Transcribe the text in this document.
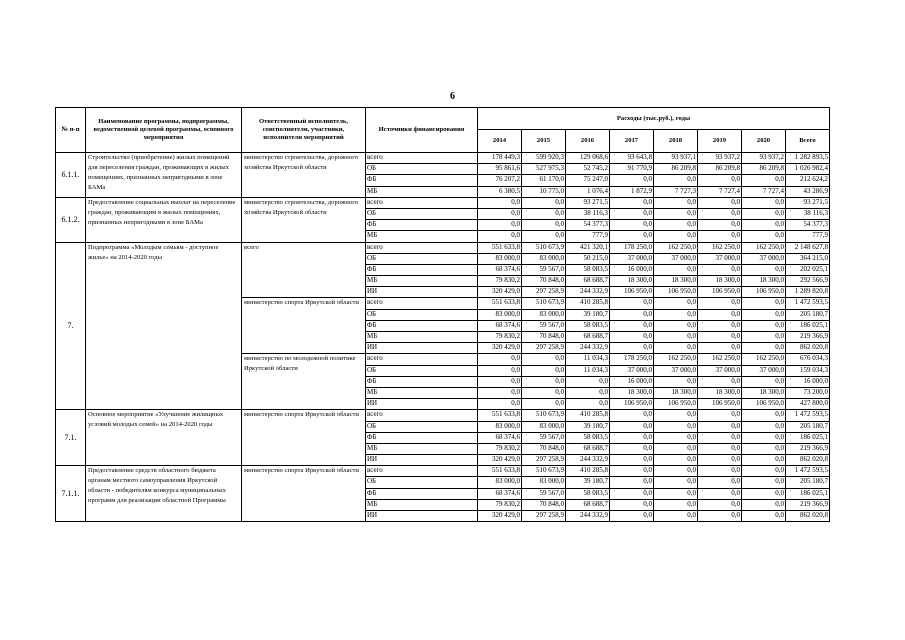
6
№ п-п	Наименование программы, подпрограммы, ведомственной целевой программы, основного мероприятия	Ответственный исполнитель, соисполнители, участники, исполнители мероприятий	Источники финансирования	Расходы (тыс.руб.), годы							
				2014	2015	2016	2017	2018	2019	2020	Всего
6.1.1.	Строительство (приобретение) жилых помещений для переселения граждан, проживающих в жилых помещениях, признанных непригодными в зоне БАМа	министерство строительства, дорожного хозяйства Иркутской области	всего	178 449,3	599 920,3	129 068,6	93 643,8	93 937,1	93 937,2	93 937,2	1 282 893,5
			ОБ	95 861,6	527 975,3	52 745,2	91 770,9	86 209,8	86 209,8	86 209,8	1 026 982,4
			ФБ	76 207,2	61 170,0	75 247,0	0,0	0,0	0,0	0,0	212 624,2
			МБ	6 380,5	10 775,0	1 076,4	1 872,9	7 727,3	7 727,4	7 727,4	43 286,9
6.1.2.	Предоставление социальных выплат на переселение граждан, проживающим в жилых помещениях, признанных непригодными в зоне БАМа	министерство строительства, дорожного хозяйства Иркутской области	всего	0,0	0,0	93 271,5	0,0	0,0	0,0	0,0	93 271,5
			ОБ	0,0	0,0	38 116,3	0,0	0,0	0,0	0,0	38 116,3
			ФБ	0,0	0,0	54 377,3	0,0	0,0	0,0	0,0	54 377,3
			МБ	0,0	0,0	777,9	0,0	0,0	0,0	0,0	777,9
7.	Подпрограмма «Молодым семьям - доступное жилье» на 2014-2020 годы	всего	всего	551 633,8	510 673,9	421 320,1	178 250,0	162 250,0	162 250,0	162 250,0	2 148 627,8
			ОБ	83 000,0	83 000,0	50 215,0	37 000,0	37 000,0	37 000,0	37 000,0	364 215,0
			ФБ	68 374,6	59 567,0	58 083,5	16 000,0	0,0	0,0	0,0	202 025,1
			МБ	79 830,2	70 848,0	68 688,7	18 300,0	18 300,0	18 300,0	18 300,0	292 566,9
			ИИ	320 429,0	297 258,9	244 332,9	106 950,0	106 950,0	106 950,0	106 950,0	1 289 820,8
		министерство спорта Иркутской области	всего	551 633,8	510 673,9	410 285,8	0,0	0,0	0,0	0,0	1 472 593,5
			ОБ	83 000,0	83 000,0	39 180,7	0,0	0,0	0,0	0,0	205 180,7
			ФБ	68 374,6	59 567,0	58 083,5	0,0	0,0	0,0	0,0	186 025,1
			МБ	79 830,2	70 848,0	68 688,7	0,0	0,0	0,0	0,0	219 366,9
			ИИ	320 429,0	297 258,9	244 332,9	0,0	0,0	0,0	0,0	862 020,8
		министерство по молодежной политике Иркутской области	всего	0,0	0,0	11 034,3	178 250,0	162 250,0	162 250,0	162 250,0	676 034,3
			ОБ	0,0	0,0	11 034,3	37 000,0	37 000,0	37 000,0	37 000,0	159 034,3
			ФБ	0,0	0,0	0,0	16 000,0	0,0	0,0	0,0	16 000,0
			МБ	0,0	0,0	0,0	18 300,0	18 300,0	18 300,0	18 300,0	73 200,0
			ИИ	0,0	0,0	0,0	106 950,0	106 950,0	106 950,0	106 950,0	427 800,0
7.1.	Основное мероприятие «Улучшение жилищных условий молодых семей» на 2014-2020 годы	министерство спорта Иркутской области	всего	551 633,8	510 673,9	410 285,8	0,0	0,0	0,0	0,0	1 472 593,5
			ОБ	83 000,0	83 000,0	39 180,7	0,0	0,0	0,0	0,0	205 180,7
			ФБ	68 374,6	59 567,0	58 083,5	0,0	0,0	0,0	0,0	186 025,1
			МБ	79 830,2	70 848,0	68 688,7	0,0	0,0	0,0	0,0	219 366,9
			ИИ	320 429,0	297 258,9	244 332,9	0,0	0,0	0,0	0,0	862 020,8
7.1.1.	Предоставление средств областного бюджета органам местного самоуправления Иркутской области - победителям конкурса муниципальных программ для реализации областной Программы	министерство спорта Иркутской области	всего	551 633,8	510 673,9	410 285,8	0,0	0,0	0,0	0,0	1 472 593,5
			ОБ	83 000,0	83 000,0	39 180,7	0,0	0,0	0,0	0,0	205 180,7
			ФБ	68 374,6	59 567,0	58 083,5	0,0	0,0	0,0	0,0	186 025,1
			МБ	79 830,2	70 848,0	68 688,7	0,0	0,0	0,0	0,0	219 366,9
			ИИ	320 429,0	297 258,9	244 332,9	0,0	0,0	0,0	0,0	862 020,8
